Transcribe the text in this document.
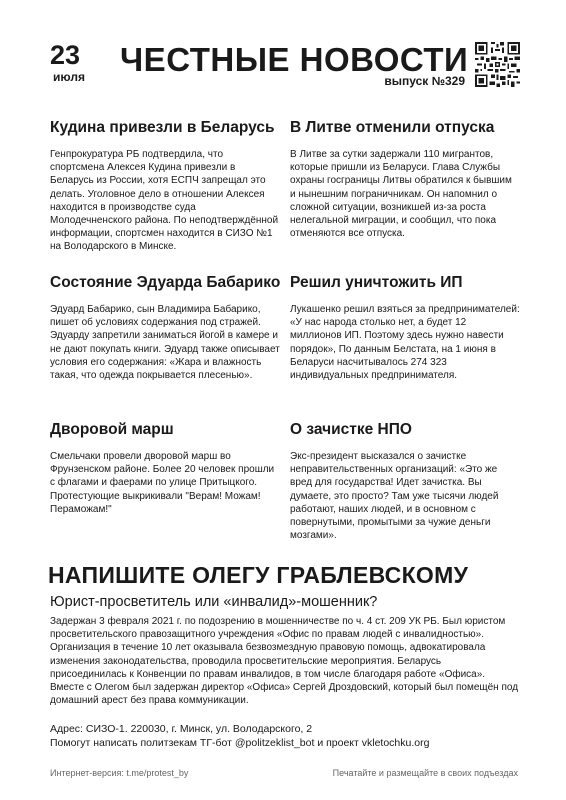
23
июля ЧЕСТНЫЕ НОВОСТИ
выпуск №329
Кудина привезли в Беларусь

Генпрокуратура РБ подтвердила, что спортсмена Алексея Кудина привезли в Беларусь из России, хотя ЕСПЧ запрещал это делать. Уголовное дело в отношении Алексея находится в производстве суда Молодечненского района. По неподтверждённой информации, спортсмен находится в СИЗО №1 на Володарского в Минске.

В Литве отменили отпуска

В Литве за сутки задержали 110 мигрантов, которые пришли из Беларуси. Глава Службы охраны госграницы Литвы обратился к бывшим и нынешним пограничникам. Он напомнил о сложной ситуации, возникшей из-за роста нелегальной миграции, и сообщил, что пока отменяются все отпуска.

Состояние Эдуарда Бабарико

Эдуард Бабарико, сын Владимира Бабарико, пишет об условиях содержания под стражей. Эдуарду запретили заниматься йогой в камере и не дают покупать книги. Эдуард также описывает условия его содержания: «Жара и влажность такая, что одежда покрывается плесенью».

Решил уничтожить ИП

Лукашенко решил взяться за предпринимателей: «У нас народа столько нет, а будет 12 миллионов ИП. Поэтому здесь нужно навести порядок», По данным Белстата, на 1 июня в Беларуси насчитывалось 274 323 индивидуальных предпринимателя.

Дворовой марш

Смельчаки провели дворовой марш во Фрунзенском районе. Более 20 человек прошли с флагами и фаерами по улице Притыцкого. Протестующие выкрикивали "Верам! Можам! Пераможам!"

О зачистке НПО

Экс-президент высказался о зачистке неправительственных организаций: «Это же вред для государства! Идет зачистка. Вы думаете, это просто? Там уже тысячи людей работают, наших людей, и в основном с повернутыми, промытыми за чужие деньги мозгами».

НАПИШИТЕ ОЛЕГУ ГРАБЛЕВСКОМУ
Юрист-просветитель или «инвалид»-мошенник?
Задержан 3 февраля 2021 г. по подозрению в мошенничестве по ч. 4 ст. 209 УК РБ. Был юристом просветительского правозащитного учреждения «Офис по правам людей с инвалидностью». Организация в течение 10 лет оказывала безвозмездную правовую помощь, адвокатировала изменения законодательства, проводила просветительские мероприятия. Беларусь присоединилась к Конвенции по правам инвалидов, в том числе благодаря работе «Офиса». Вместе с Олегом был задержан директор «Офиса» Сергей Дроздовский, который был помещён под домашний арест без права коммуникации.
Адрес: СИЗО-1. 220030, г. Минск, ул. Володарского, 2
Помогут написать политзекам ТГ-бот @politzeklist_bot и проект vkletochku.org
Интернет-версия: t.me/protest_by	Печатайте и размещайте в своих подъездах
